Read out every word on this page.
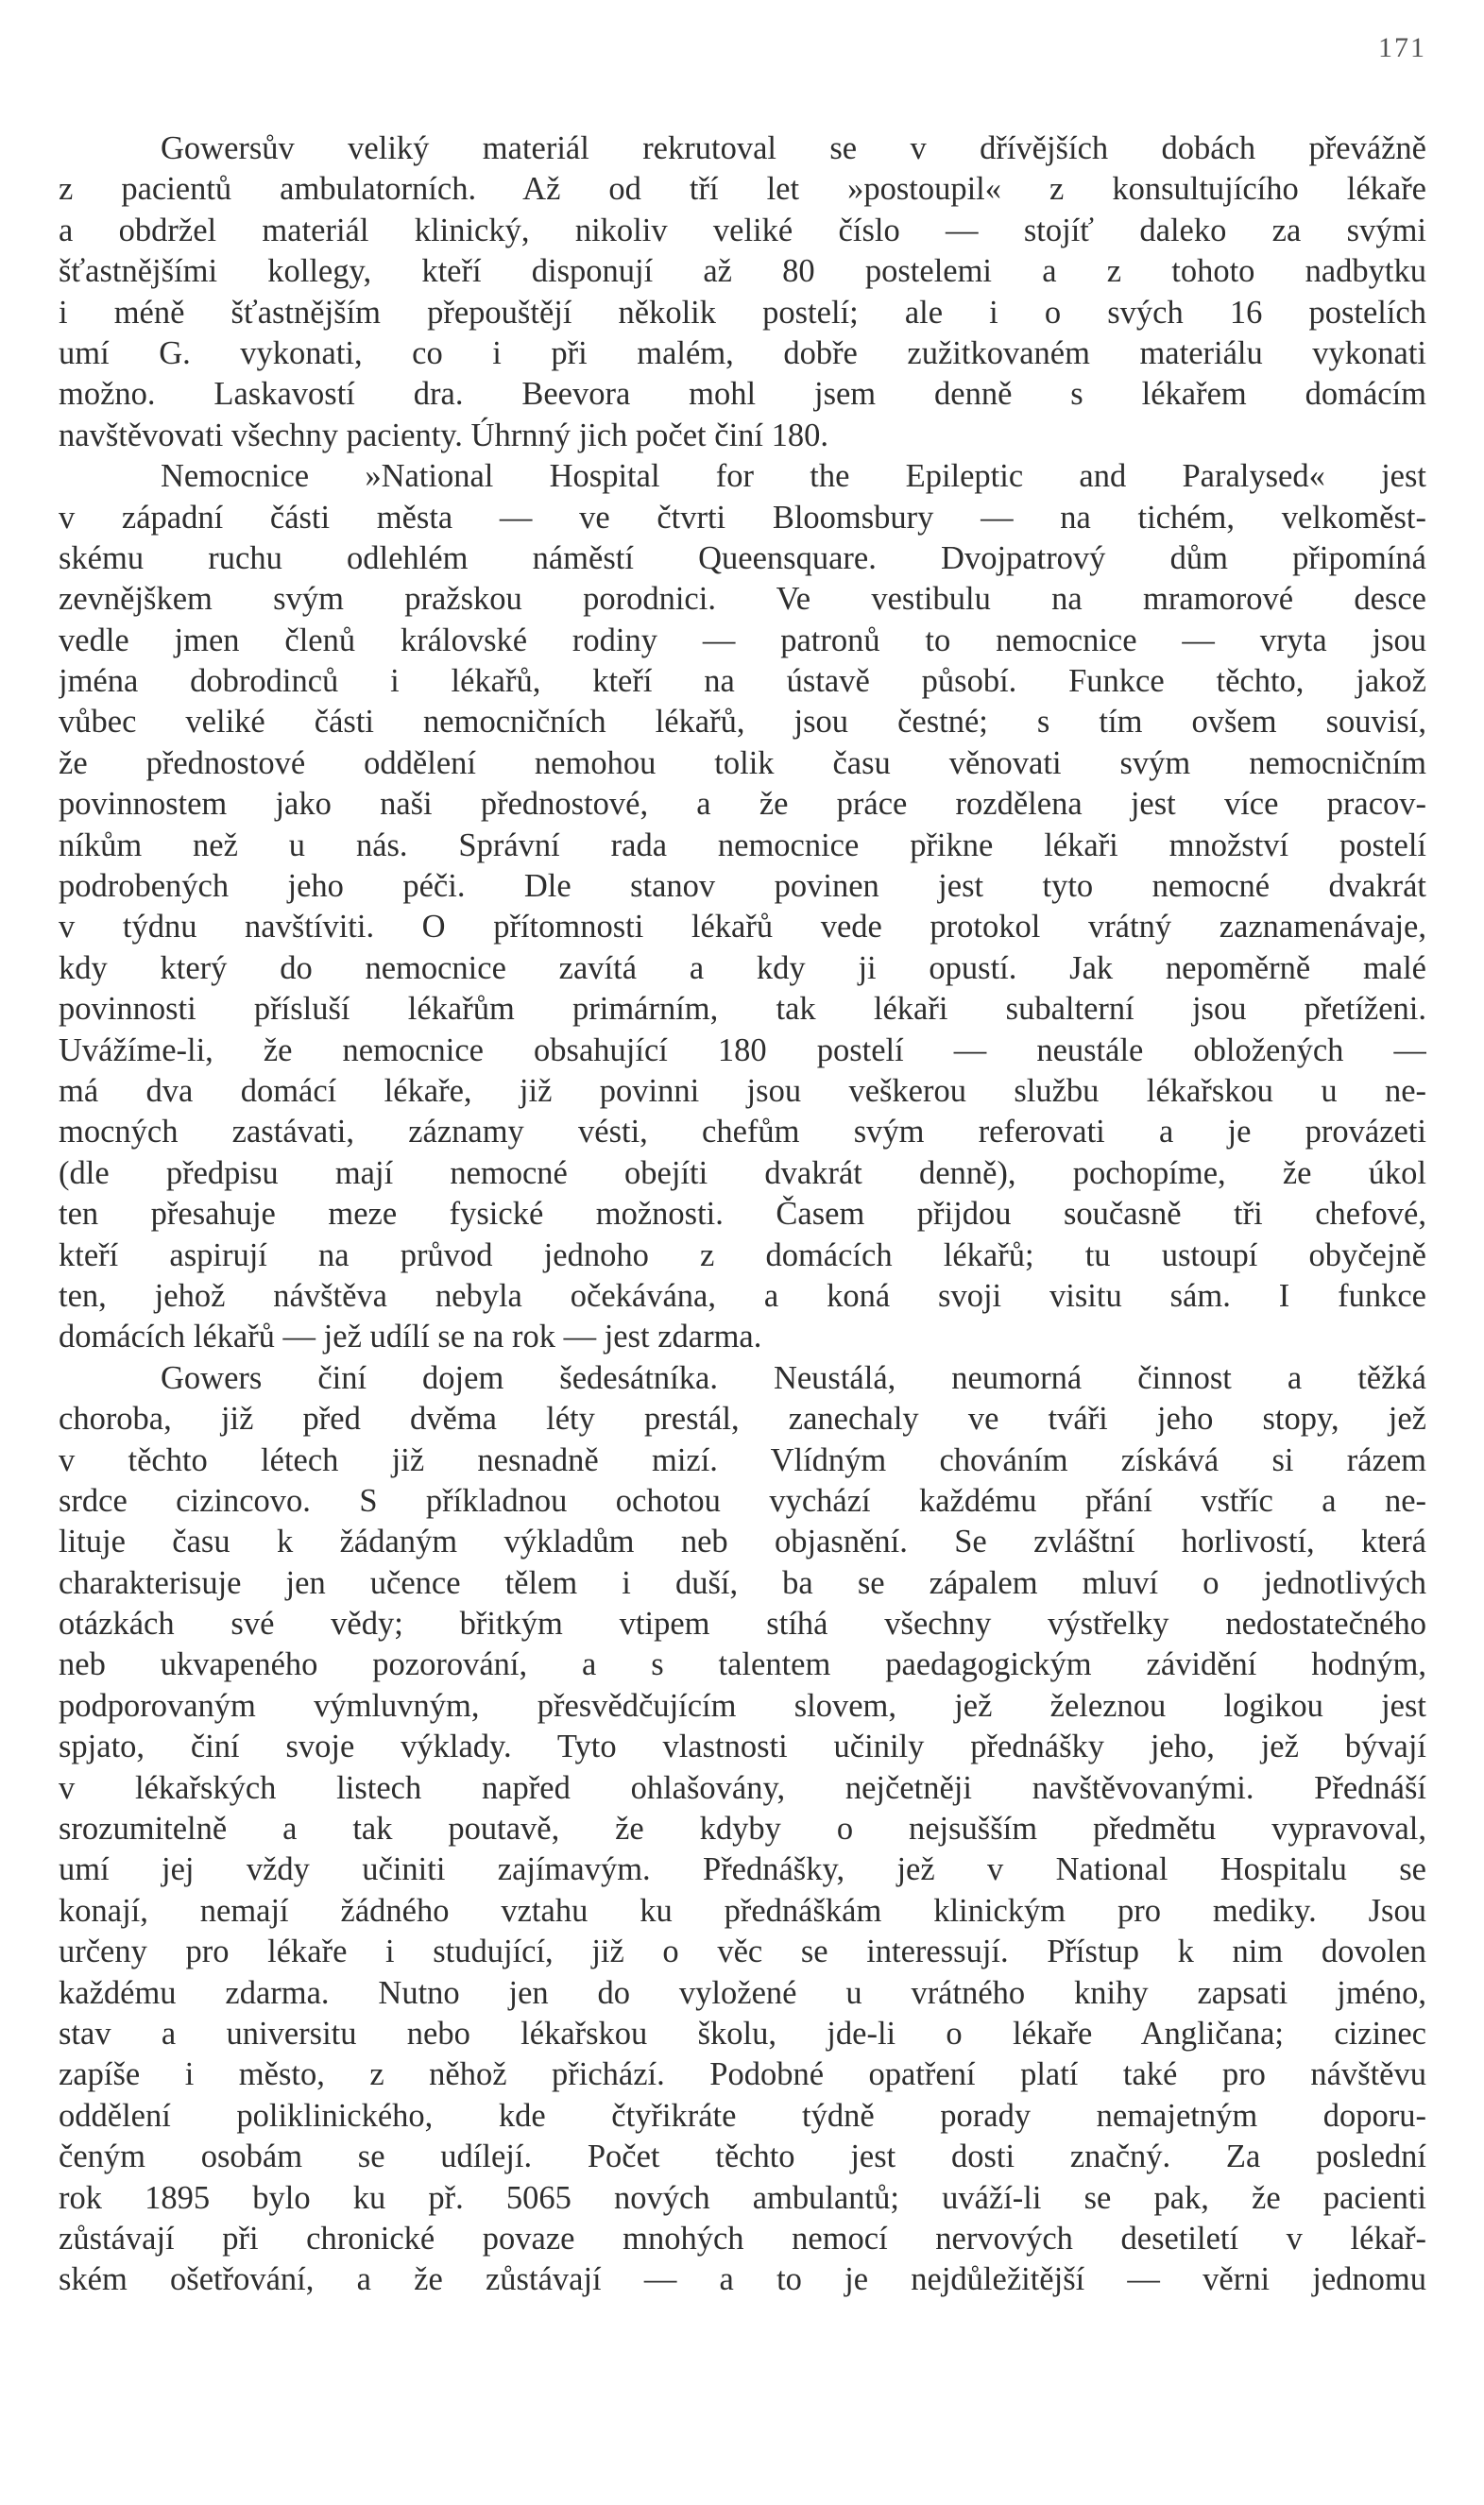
171
Gowersův veliký materiál rekrutoval se v dřívějších dobách převážně
z pacientů ambulatorních. Až od tří let »postoupil« z konsultujícího lékaře
a obdržel materiál klinický, nikoliv veliké číslo — stojíť daleko za svými
šťastnějšími kollegy, kteří disponují až 80 postelemi a z tohoto nadbytku
i méně šťastnějším přepouštějí několik postelí; ale i o svých 16 postelích
umí G. vykonati, co i při malém, dobře zužitkovaném materiálu vykonati
možno. Laskavostí dra. Beevora mohl jsem denně s lékařem domácím
navštěvovati všechny pacienty. Úhrnný jich počet činí 180.
Nemocnice »National Hospital for the Epileptic and Paralysed« jest
v západní části města — ve čtvrti Bloomsbury — na tichém, velkoměst-
skému ruchu odlehlém náměstí Queensquare. Dvojpatrový dům připomíná
zevnějškem svým pražskou porodnici. Ve vestibulu na mramorové desce
vedle jmen členů královské rodiny — patronů to nemocnice — vryta jsou
jména dobrodinců i lékařů, kteří na ústavě působí. Funkce těchto, jakož
vůbec veliké části nemocničních lékařů, jsou čestné; s tím ovšem souvisí,
že přednostové oddělení nemohou tolik času věnovati svým nemocničním
povinnostem jako naši přednostové, a že práce rozdělena jest více pracov-
níkům než u nás. Správní rada nemocnice přikne lékaři množství postelí
podrobených jeho péči. Dle stanov povinen jest tyto nemocné dvakrát
v týdnu navštíviti. O přítomnosti lékařů vede protokol vrátný zaznamenávaje,
kdy který do nemocnice zavítá a kdy ji opustí. Jak nepoměrně malé
povinnosti přísluší lékařům primárním, tak lékaři subalterní jsou přetíženi.
Uvážíme-li, že nemocnice obsahující 180 postelí — neustále obložených —
má dva domácí lékaře, již povinni jsou veškerou službu lékařskou u ne-
mocných zastávati, záznamy vésti, chefům svým referovati a je provázeti
(dle předpisu mají nemocné obejíti dvakrát denně), pochopíme, že úkol
ten přesahuje meze fysické možnosti. Časem přijdou současně tři chefové,
kteří aspirují na průvod jednoho z domácích lékařů; tu ustoupí obyčejně
ten, jehož návštěva nebyla očekávána, a koná svoji visitu sám. I funkce
domácích lékařů — jež udílí se na rok — jest zdarma.
Gowers činí dojem šedesátníka. Neustálá, neumorná činnost a těžká
choroba, již před dvěma léty prestál, zanechaly ve tváři jeho stopy, jež
v těchto létech již nesnadně mizí. Vlídným chováním získává si rázem
srdce cizincovo. S příkladnou ochotou vychází každému přání vstříc a ne-
lituje času k žádaným výkladům neb objasnění. Se zvláštní horlivostí, která
charakterisuje jen učence tělem i duší, ba se zápalem mluví o jednotlivých
otázkách své vědy; břitkým vtipem stíhá všechny výstřelky nedostatečného
neb ukvapeného pozorování, a s talentem paedagogickým závidění hodným,
podporovaným výmluvným, přesvědčujícím slovem, jež železnou logikou jest
spjato, činí svoje výklady. Tyto vlastnosti učinily přednášky jeho, jež bývají
v lékařských listech napřed ohlašovány, nejčetněji navštěvovanými. Přednáší
srozumitelně a tak poutavě, že kdyby o nejsušším předmětu vypravoval,
umí jej vždy učiniti zajímavým. Přednášky, jež v National Hospitalu se
konají, nemají žádného vztahu ku přednáškám klinickým pro mediky. Jsou
určeny pro lékaře i studující, již o věc se interessují. Přístup k nim dovolen
každému zdarma. Nutno jen do vyložené u vrátného knihy zapsati jméno,
stav a universitu nebo lékařskou školu, jde-li o lékaře Angličana; cizinec
zapíše i město, z něhož přichází. Podobné opatření platí také pro návštěvu
oddělení poliklinického, kde čtyřikráte týdně porady nemajetným doporu-
čeným osobám se udílejí. Počet těchto jest dosti značný. Za poslední
rok 1895 bylo ku př. 5065 nových ambulantů; uváží-li se pak, že pacienti
zůstávají při chronické povaze mnohých nemocí nervových desetiletí v lékař-
ském ošetřování, a že zůstávají — a to je nejdůležitější — věrni jednomu
